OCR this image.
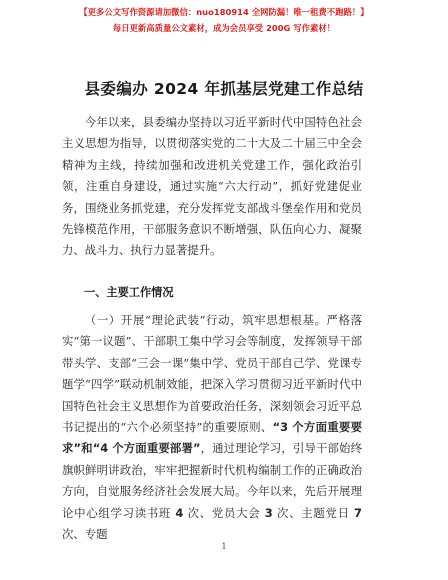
【更多公文写作资源请加微信：nuo180914 全网防漏！唯一租费不跑路！】
每日更新高质量公文素材，成为会员享受 200G 写作素材！
县委编办 2024 年抓基层党建工作总结
今年以来，县委编办坚持以习近平新时代中国特色社会主义思想为指导，以贯彻落实党的二十大及二十届三中全会精神为主线，持续加强和改进机关党建工作，强化政治引领，注重自身建设，通过实施“六大行动”，抓好党建促业务，围绕业务抓党建，充分发挥党支部战斗堡垒作用和党员先锋模范作用，干部服务意识不断增强，队伍向心力、凝聚力、战斗力、执行力显著提升。
一、主要工作情况
（一）开展“理论武装”行动，筑牢思想根基。严格落实“第一议题”、干部职工集中学习会等制度，发挥领导干部带头学、支部“三会一课”集中学、党员干部自己学、党课专题学“四学”联动机制效能，把深入学习贯彻习近平新时代中国特色社会主义思想作为首要政治任务，深刻领会习近平总书记提出的“六个必须坚持”的重要原则、“3 个方面重要要求”和“4 个方面重要部署”，通过理论学习，引导干部始终旗帜鲜明讲政治，牢牢把握新时代机构编制工作的正确政治方向，自觉服务经济社会发展大局。今年以来，先后开展理论中心组学习读书班 4 次、党员大会 3 次、主题党日 7 次、专题
1
